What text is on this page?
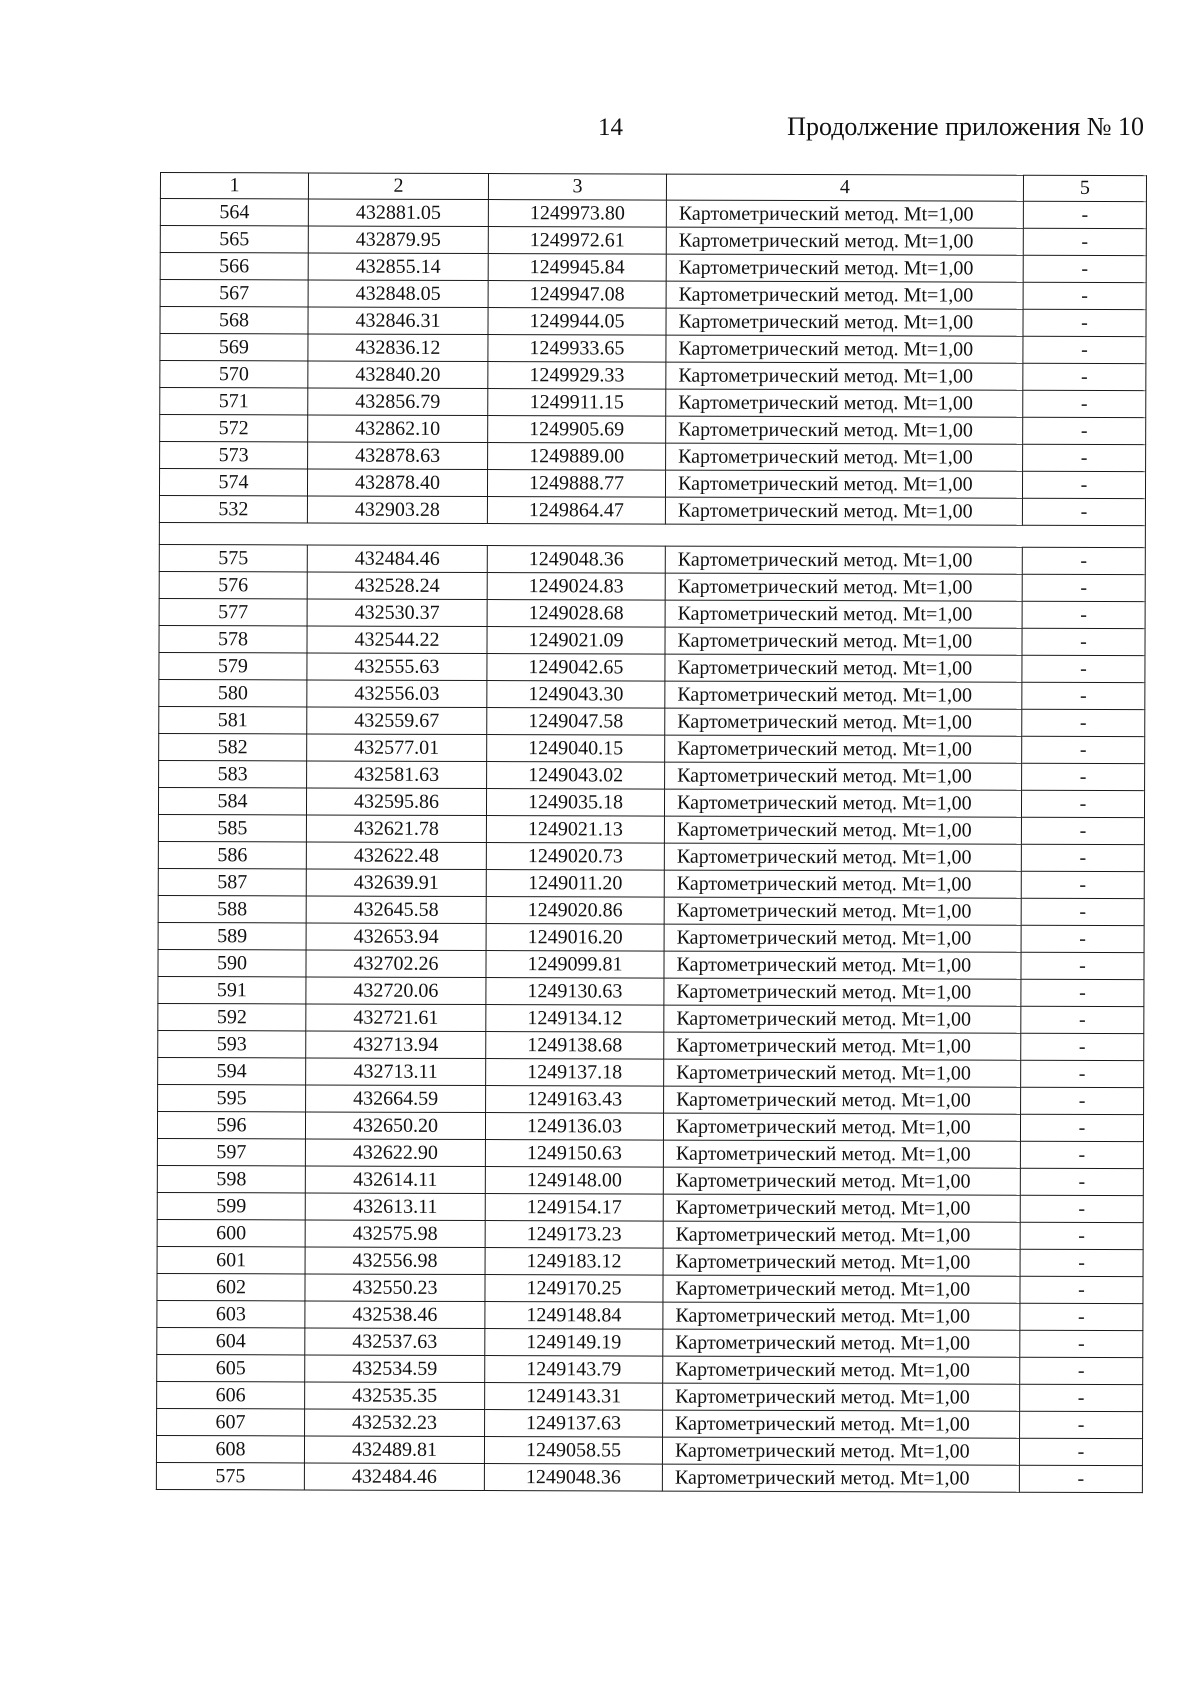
14	Продолжение приложения № 10
1	2	3	4	5
564	432881.05	1249973.80	Картометрический метод. Mt=1,00	-
565	432879.95	1249972.61	Картометрический метод. Mt=1,00	-
566	432855.14	1249945.84	Картометрический метод. Mt=1,00	-
567	432848.05	1249947.08	Картометрический метод. Mt=1,00	-
568	432846.31	1249944.05	Картометрический метод. Mt=1,00	-
569	432836.12	1249933.65	Картометрический метод. Mt=1,00	-
570	432840.20	1249929.33	Картометрический метод. Mt=1,00	-
571	432856.79	1249911.15	Картометрический метод. Mt=1,00	-
572	432862.10	1249905.69	Картометрический метод. Mt=1,00	-
573	432878.63	1249889.00	Картометрический метод. Mt=1,00	-
574	432878.40	1249888.77	Картометрический метод. Mt=1,00	-
532	432903.28	1249864.47	Картометрический метод. Mt=1,00	-

575	432484.46	1249048.36	Картометрический метод. Mt=1,00	-
576	432528.24	1249024.83	Картометрический метод. Mt=1,00	-
577	432530.37	1249028.68	Картометрический метод. Mt=1,00	-
578	432544.22	1249021.09	Картометрический метод. Mt=1,00	-
579	432555.63	1249042.65	Картометрический метод. Mt=1,00	-
580	432556.03	1249043.30	Картометрический метод. Mt=1,00	-
581	432559.67	1249047.58	Картометрический метод. Mt=1,00	-
582	432577.01	1249040.15	Картометрический метод. Mt=1,00	-
583	432581.63	1249043.02	Картометрический метод. Mt=1,00	-
584	432595.86	1249035.18	Картометрический метод. Mt=1,00	-
585	432621.78	1249021.13	Картометрический метод. Mt=1,00	-
586	432622.48	1249020.73	Картометрический метод. Mt=1,00	-
587	432639.91	1249011.20	Картометрический метод. Mt=1,00	-
588	432645.58	1249020.86	Картометрический метод. Mt=1,00	-
589	432653.94	1249016.20	Картометрический метод. Mt=1,00	-
590	432702.26	1249099.81	Картометрический метод. Mt=1,00	-
591	432720.06	1249130.63	Картометрический метод. Mt=1,00	-
592	432721.61	1249134.12	Картометрический метод. Mt=1,00	-
593	432713.94	1249138.68	Картометрический метод. Mt=1,00	-
594	432713.11	1249137.18	Картометрический метод. Mt=1,00	-
595	432664.59	1249163.43	Картометрический метод. Mt=1,00	-
596	432650.20	1249136.03	Картометрический метод. Mt=1,00	-
597	432622.90	1249150.63	Картометрический метод. Mt=1,00	-
598	432614.11	1249148.00	Картометрический метод. Mt=1,00	-
599	432613.11	1249154.17	Картометрический метод. Mt=1,00	-
600	432575.98	1249173.23	Картометрический метод. Mt=1,00	-
601	432556.98	1249183.12	Картометрический метод. Mt=1,00	-
602	432550.23	1249170.25	Картометрический метод. Mt=1,00	-
603	432538.46	1249148.84	Картометрический метод. Mt=1,00	-
604	432537.63	1249149.19	Картометрический метод. Mt=1,00	-
605	432534.59	1249143.79	Картометрический метод. Mt=1,00	-
606	432535.35	1249143.31	Картометрический метод. Mt=1,00	-
607	432532.23	1249137.63	Картометрический метод. Mt=1,00	-
608	432489.81	1249058.55	Картометрический метод. Mt=1,00	-
575	432484.46	1249048.36	Картометрический метод. Mt=1,00	-
